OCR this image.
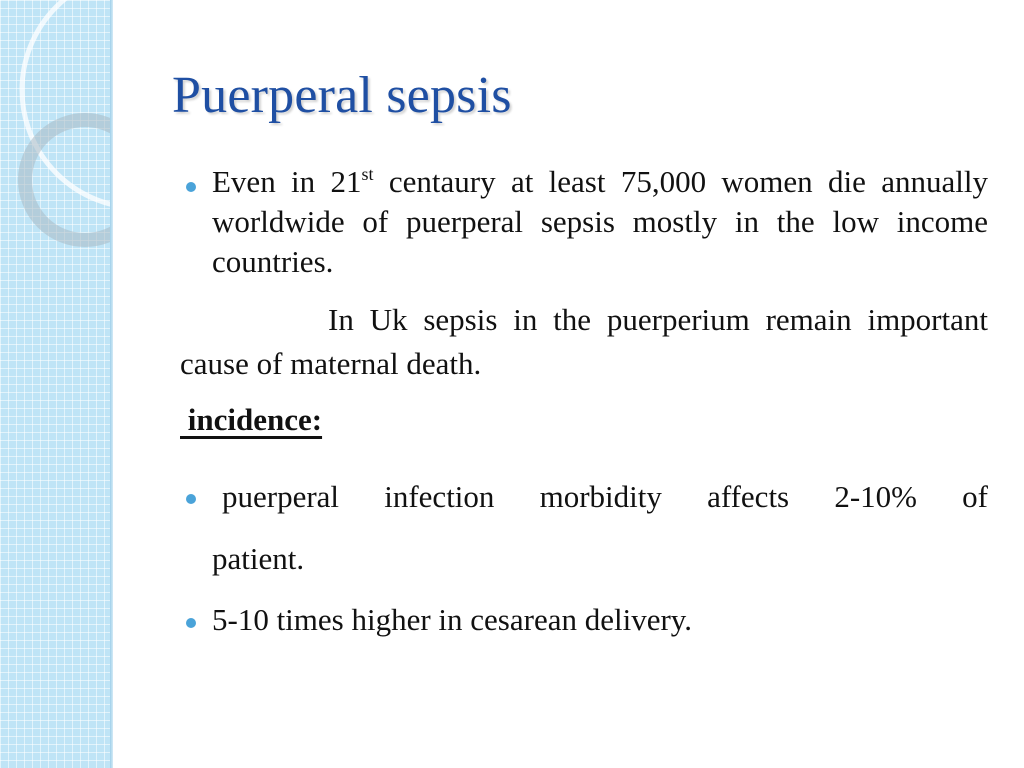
Puerperal sepsis
Even in 21st centaury at least 75,000 women die annually worldwide of puerperal sepsis mostly in the low income countries.
In Uk sepsis in the puerperium remain important cause of maternal death.
incidence:
puerperal infection morbidity affects 2-10% of
patient.
5-10 times higher in cesarean delivery.
